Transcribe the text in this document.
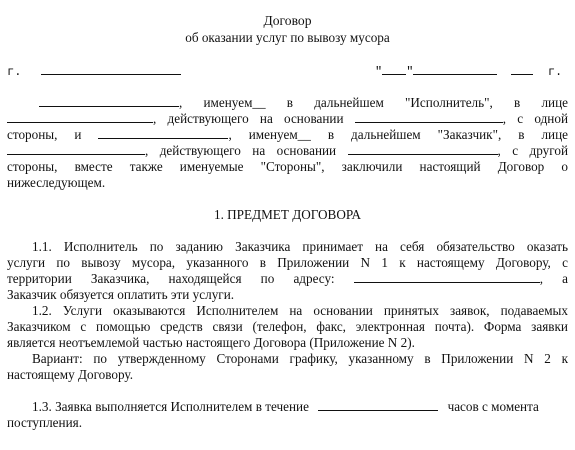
Договор
об оказании услуг по вывозу мусора
г.	" "	г.
, именуем__ в дальнейшем "Исполнитель", в лице
, действующего на основании	, с одной
стороны, и	, именуем__ в дальнейшем "Заказчик", в лице
, действующего на основании	, с другой
стороны, вместе также именуемые "Стороны", заключили настоящий Договор о
нижеследующем.
1. ПРЕДМЕТ ДОГОВОРА
1.1. Исполнитель по заданию Заказчика принимает на себя обязательство оказать
услуги по вывозу мусора, указанного в Приложении N 1 к настоящему Договору, с
территории Заказчика, находящейся по адресу:	, а
Заказчик обязуется оплатить эти услуги.
1.2. Услуги оказываются Исполнителем на основании принятых заявок, подаваемых
Заказчиком с помощью средств связи (телефон, факс, электронная почта). Форма заявки
является неотъемлемой частью настоящего Договора (Приложение N 2).
Вариант: по утвержденному Сторонами графику, указанному в Приложении N 2 к
настоящему Договору.
1.3. Заявка выполняется Исполнителем в течение	часов с момента
поступления.
